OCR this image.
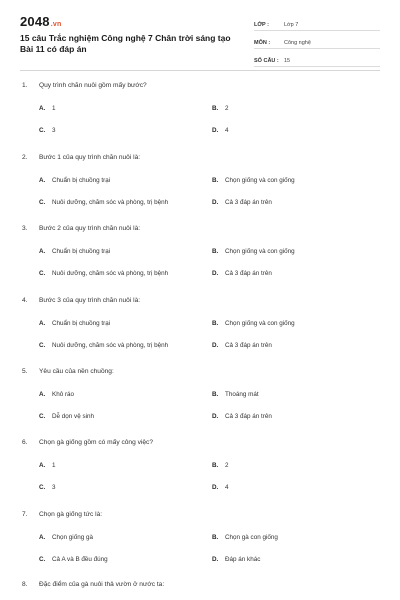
2048.vn
15 câu Trắc nghiệm Công nghệ 7 Chân trời sáng tạo Bài 11 có đáp án
LỚP :	Lớp 7
MÔN :	Công nghệ
SỐ CÂU : 15
1. Quy trình chăn nuôi gồm mấy bước?
A. 1	B. 2
C. 3	D. 4
2. Bước 1 của quy trình chăn nuôi là:
A. Chuẩn bị chuồng trại	B. Chọn giống và con giống
C. Nuôi dưỡng, chăm sóc và phòng, trị bệnh	D. Cả 3 đáp án trên
3. Bước 2 của quy trình chăn nuôi là:
A. Chuẩn bị chuồng trại	B. Chọn giống và con giống
C. Nuôi dưỡng, chăm sóc và phòng, trị bệnh	D. Cả 3 đáp án trên
4. Bước 3 của quy trình chăn nuôi là:
A. Chuẩn bị chuồng trại	B. Chọn giống và con giống
C. Nuôi dưỡng, chăm sóc và phòng, trị bệnh	D. Cả 3 đáp án trên
5. Yêu cầu của nền chuồng:
A. Khô ráo	B. Thoáng mát
C. Dễ dọn vệ sinh	D. Cả 3 đáp án trên
6. Chọn gà giống gồm có mấy công việc?
A. 1	B. 2
C. 3	D. 4
7. Chọn gà giống tức là:
A. Chọn giống gà	B. Chọn gà con giống
C. Cả A và B đều đúng	D. Đáp án khác
8. Đặc điểm của gà nuôi thả vườn ở nước ta:
